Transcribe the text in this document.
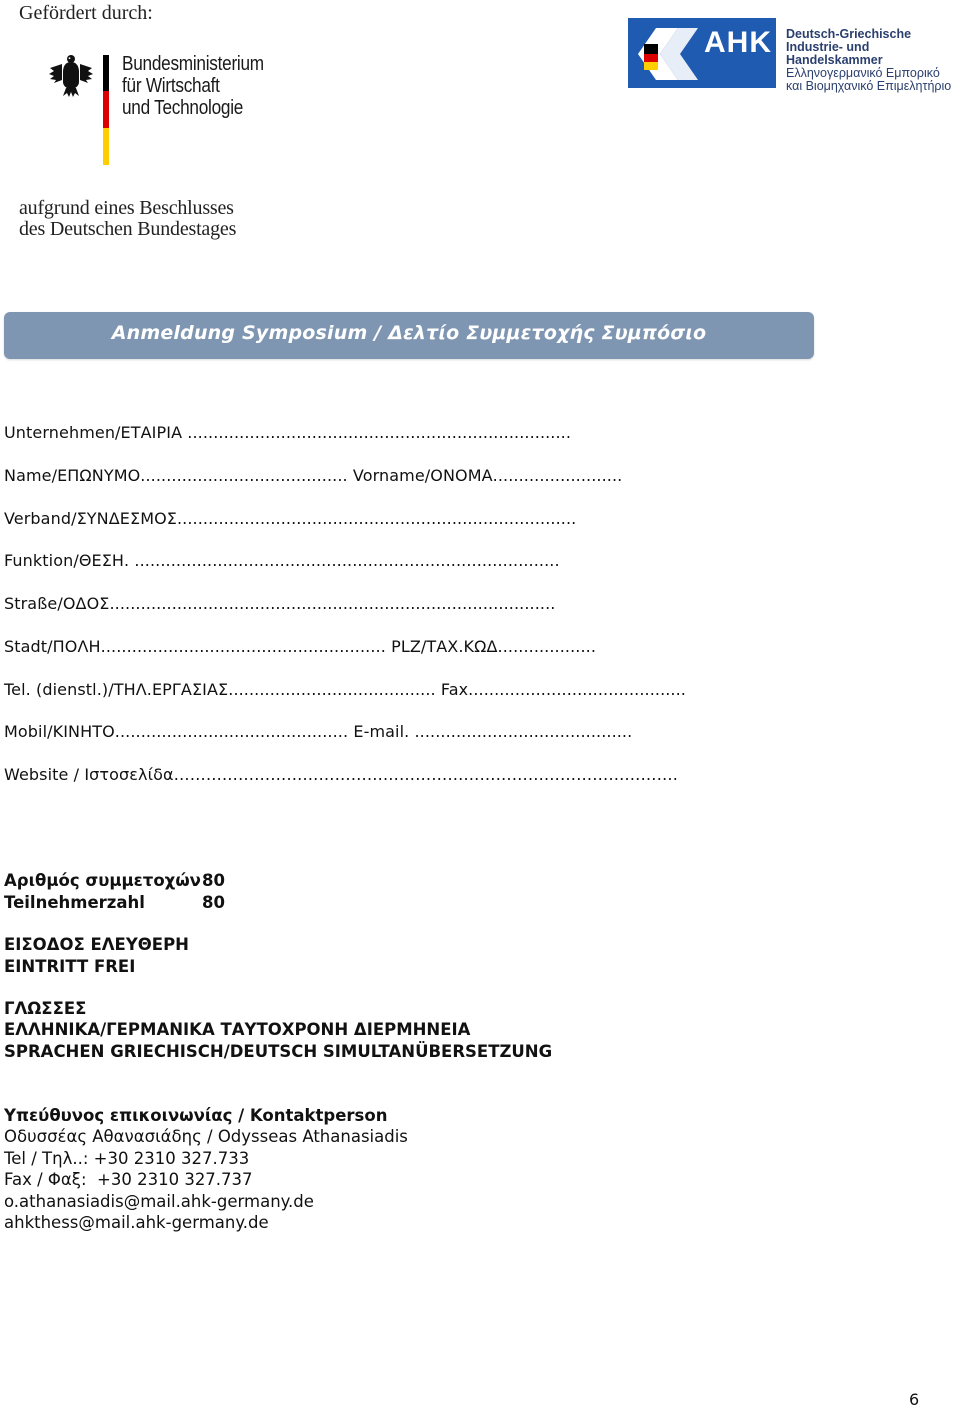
Gefördert durch:
Bundesministerium
für Wirtschaft
und Technologie
aufgrund eines Beschlusses
des Deutschen Bundestages
AHK Deutsch-Griechische
Industrie- und Handelskammer
Ελληνογερμανικό Εμπορικό
και Βιομηχανικό Επιμελητήριο
Anmeldung Symposium / Δελτίο Συμμετοχής Συμπόσιο
Unternehmen/ΕΤΑΙΡΙΑ ..........................................................................
Name/ΕΠΩΝΥΜΟ........................................ Vorname/ΟΝΟΜΑ.........................
Verband/ΣΥΝΔΕΣΜΟΣ.............................................................................
Funktion/ΘΕΣΗ. ..................................................................................
Straße/ΟΔΟΣ......................................................................................
Stadt/ΠΟΛΗ....................................................... PLZ/ΤΑΧ.ΚΩΔ...................
Tel. (dienstl.)/ΤΗΛ.ΕΡΓΑΣΙΑΣ........................................ Fax..........................................
Mobil/ΚΙΝΗΤΟ............................................. E-mail. ..........................................
Website / Ιστοσελίδα………………………………………………………………………………….
Αριθμός συμμετοχών 80
Teilnehmerzahl	80
ΕΙΣΟΔΟΣ ΕΛΕΥΘΕΡΗ
EINTRITT FREI
ΓΛΩΣΣΕΣ
ΕΛΛΗΝΙΚΑ/ΓΕΡΜΑΝΙΚΑ ΤΑΥΤΟΧΡΟΝΗ ΔΙΕΡΜΗΝΕΙΑ
SPRACHEN GRIECHISCH/DEUTSCH SIMULTANÜBERSETZUNG
Υπεύθυνος επικοινωνίας / Kontaktperson
Οδυσσέας Αθανασιάδης / Odysseas Athanasiadis
Tel / Τηλ..: +30 2310 327.733
Fax / Φαξ:  +30 2310 327.737
o.athanasiadis@mail.ahk-germany.de
ahkthess@mail.ahk-germany.de
6
